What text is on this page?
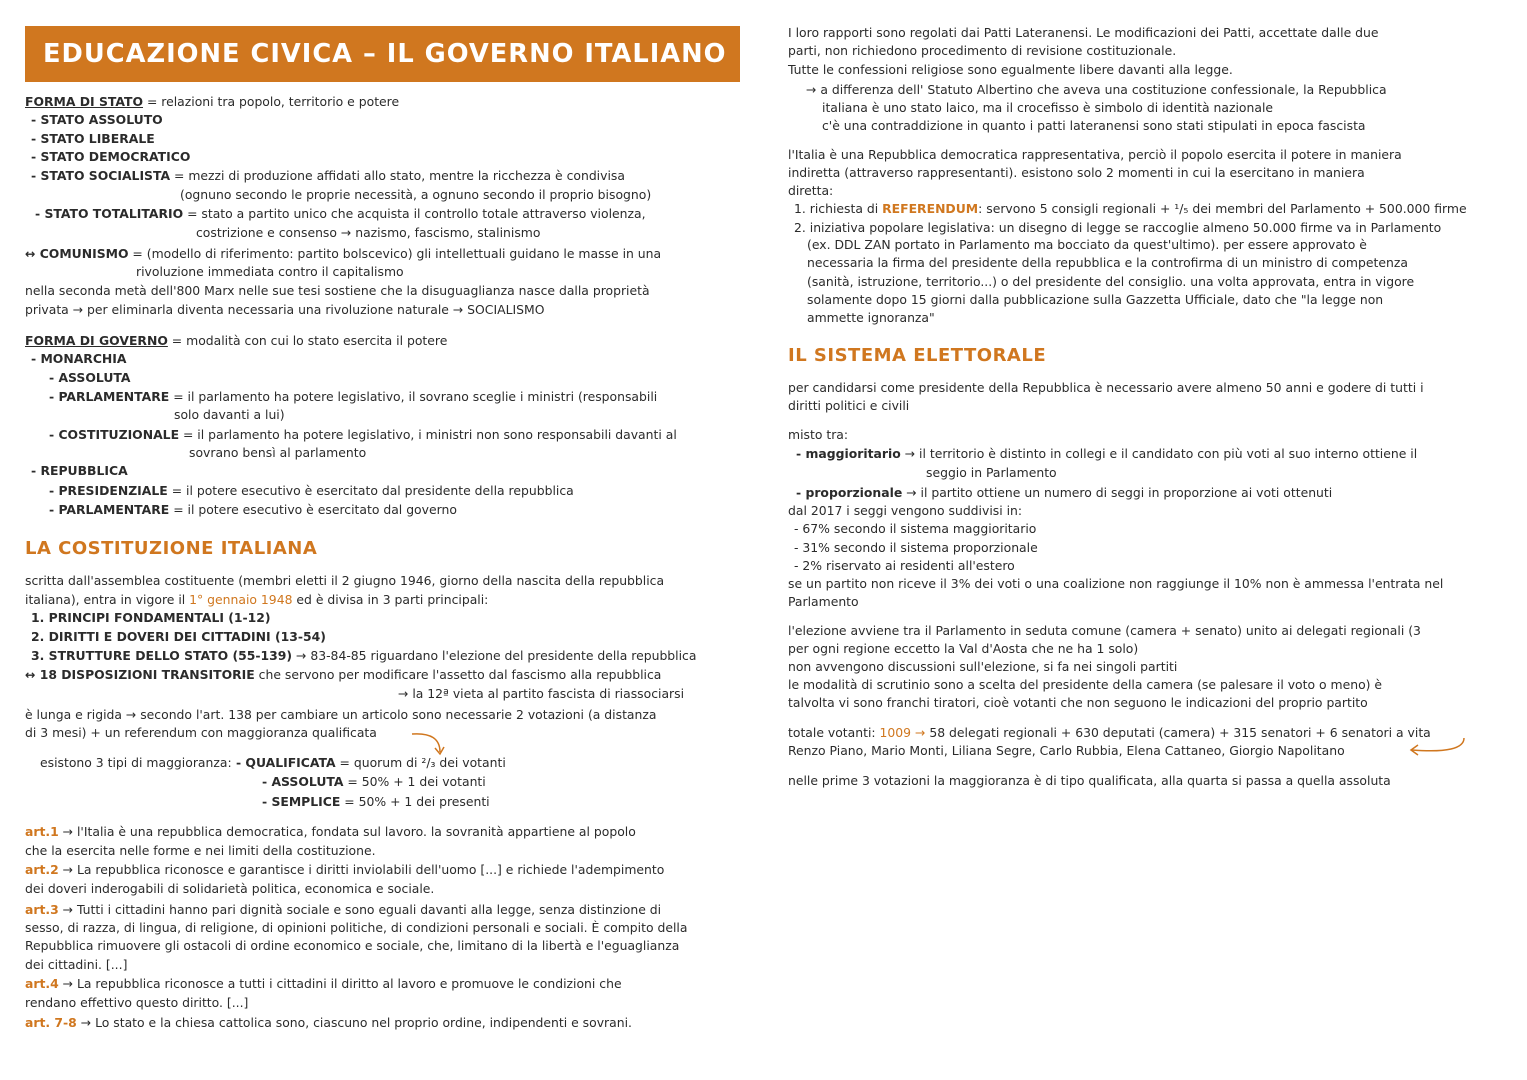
EDUCAZIONE CIVICA – IL GOVERNO ITALIANO
FORMA DI STATO = relazioni tra popolo, territorio e potere
- STATO ASSOLUTO
- STATO LIBERALE
- STATO DEMOCRATICO
- STATO SOCIALISTA = mezzi di produzione affidati allo stato, mentre la ricchezza è condivisa
(ognuno secondo le proprie necessità, a ognuno secondo il proprio bisogno)
- STATO TOTALITARIO = stato a partito unico che acquista il controllo totale attraverso violenza,
costrizione e consenso → nazismo, fascismo, stalinismo
↔ COMUNISMO = (modello di riferimento: partito bolscevico) gli intellettuali guidano le masse in una
rivoluzione immediata contro il capitalismo
nella seconda metà dell'800 Marx nelle sue tesi sostiene che la disuguaglianza nasce dalla proprietà
privata → per eliminarla diventa necessaria una rivoluzione naturale → SOCIALISMO
FORMA DI GOVERNO = modalità con cui lo stato esercita il potere
- MONARCHIA
- ASSOLUTA
- PARLAMENTARE = il parlamento ha potere legislativo, il sovrano sceglie i ministri (responsabili
solo davanti a lui)
- COSTITUZIONALE = il parlamento ha potere legislativo, i ministri non sono responsabili davanti al
sovrano bensì al parlamento
- REPUBBLICA
- PRESIDENZIALE = il potere esecutivo è esercitato dal presidente della repubblica
- PARLAMENTARE = il potere esecutivo è esercitato dal governo
LA COSTITUZIONE ITALIANA
scritta dall'assemblea costituente (membri eletti il 2 giugno 1946, giorno della nascita della repubblica
italiana), entra in vigore il 1° gennaio 1948 ed è divisa in 3 parti principali:
1. PRINCIPI FONDAMENTALI (1-12)
2. DIRITTI E DOVERI DEI CITTADINI (13-54)
3. STRUTTURE DELLO STATO (55-139) → 83-84-85 riguardano l'elezione del presidente della repubblica
↔ 18 DISPOSIZIONI TRANSITORIE che servono per modificare l'assetto dal fascismo alla repubblica
→ la 12ª vieta al partito fascista di riassociarsi
è lunga e rigida → secondo l'art. 138 per cambiare un articolo sono necessarie 2 votazioni (a distanza
di 3 mesi) + un referendum con maggioranza qualificata
esistono 3 tipi di maggioranza: - QUALIFICATA = quorum di ²/₃ dei votanti
- ASSOLUTA = 50% + 1 dei votanti
- SEMPLICE = 50% + 1 dei presenti
art.1 → l'Italia è una repubblica democratica, fondata sul lavoro. la sovranità appartiene al popolo
che la esercita nelle forme e nei limiti della costituzione.
art.2 → La repubblica riconosce e garantisce i diritti inviolabili dell'uomo [...] e richiede l'adempimento
dei doveri inderogabili di solidarietà politica, economica e sociale.
art.3 → Tutti i cittadini hanno pari dignità sociale e sono eguali davanti alla legge, senza distinzione di
sesso, di razza, di lingua, di religione, di opinioni politiche, di condizioni personali e sociali. È compito della
Repubblica rimuovere gli ostacoli di ordine economico e sociale, che, limitano di la libertà e l'eguaglianza
dei cittadini. [...]
art.4 → La repubblica riconosce a tutti i cittadini il diritto al lavoro e promuove le condizioni che
rendano effettivo questo diritto. [...]
art. 7-8 → Lo stato e la chiesa cattolica sono, ciascuno nel proprio ordine, indipendenti e sovrani.
I loro rapporti sono regolati dai Patti Lateranensi. Le modificazioni dei Patti, accettate dalle due
parti, non richiedono procedimento di revisione costituzionale.
Tutte le confessioni religiose sono egualmente libere davanti alla legge.
→ a differenza dell' Statuto Albertino che aveva una costituzione confessionale, la Repubblica
italiana è uno stato laico, ma il crocefisso è simbolo di identità nazionale
c'è una contraddizione in quanto i patti lateranensi sono stati stipulati in epoca fascista
l'Italia è una Repubblica democratica rappresentativa, perciò il popolo esercita il potere in maniera
indiretta (attraverso rappresentanti). esistono solo 2 momenti in cui la esercitano in maniera
diretta:
1. richiesta di REFERENDUM: servono 5 consigli regionali + ¹/₅ dei membri del Parlamento + 500.000 firme
2. iniziativa popolare legislativa: un disegno di legge se raccoglie almeno 50.000 firme va in Parlamento
(ex. DDL ZAN portato in Parlamento ma bocciato da quest'ultimo). per essere approvato è
necessaria la firma del presidente della repubblica e la controfirma di un ministro di competenza
(sanità, istruzione, territorio...) o del presidente del consiglio. una volta approvata, entra in vigore
solamente dopo 15 giorni dalla pubblicazione sulla Gazzetta Ufficiale, dato che "la legge non
ammette ignoranza"
IL SISTEMA ELETTORALE
per candidarsi come presidente della Repubblica è necessario avere almeno 50 anni e godere di tutti i
diritti politici e civili
misto tra:
- maggioritario → il territorio è distinto in collegi e il candidato con più voti al suo interno ottiene il
seggio in Parlamento
- proporzionale → il partito ottiene un numero di seggi in proporzione ai voti ottenuti
dal 2017 i seggi vengono suddivisi in:
- 67% secondo il sistema maggioritario
- 31% secondo il sistema proporzionale
- 2% riservato ai residenti all'estero
se un partito non riceve il 3% dei voti o una coalizione non raggiunge il 10% non è ammessa l'entrata nel
Parlamento
l'elezione avviene tra il Parlamento in seduta comune (camera + senato) unito ai delegati regionali (3
per ogni regione eccetto la Val d'Aosta che ne ha 1 solo)
non avvengono discussioni sull'elezione, si fa nei singoli partiti
le modalità di scrutinio sono a scelta del presidente della camera (se palesare il voto o meno) è
talvolta vi sono franchi tiratori, cioè votanti che non seguono le indicazioni del proprio partito
totale votanti: 1009 → 58 delegati regionali + 630 deputati (camera) + 315 senatori + 6 senatori a vita
Renzo Piano, Mario Monti, Liliana Segre, Carlo Rubbia, Elena Cattaneo, Giorgio Napolitano
nelle prime 3 votazioni la maggioranza è di tipo qualificata, alla quarta si passa a quella assoluta
